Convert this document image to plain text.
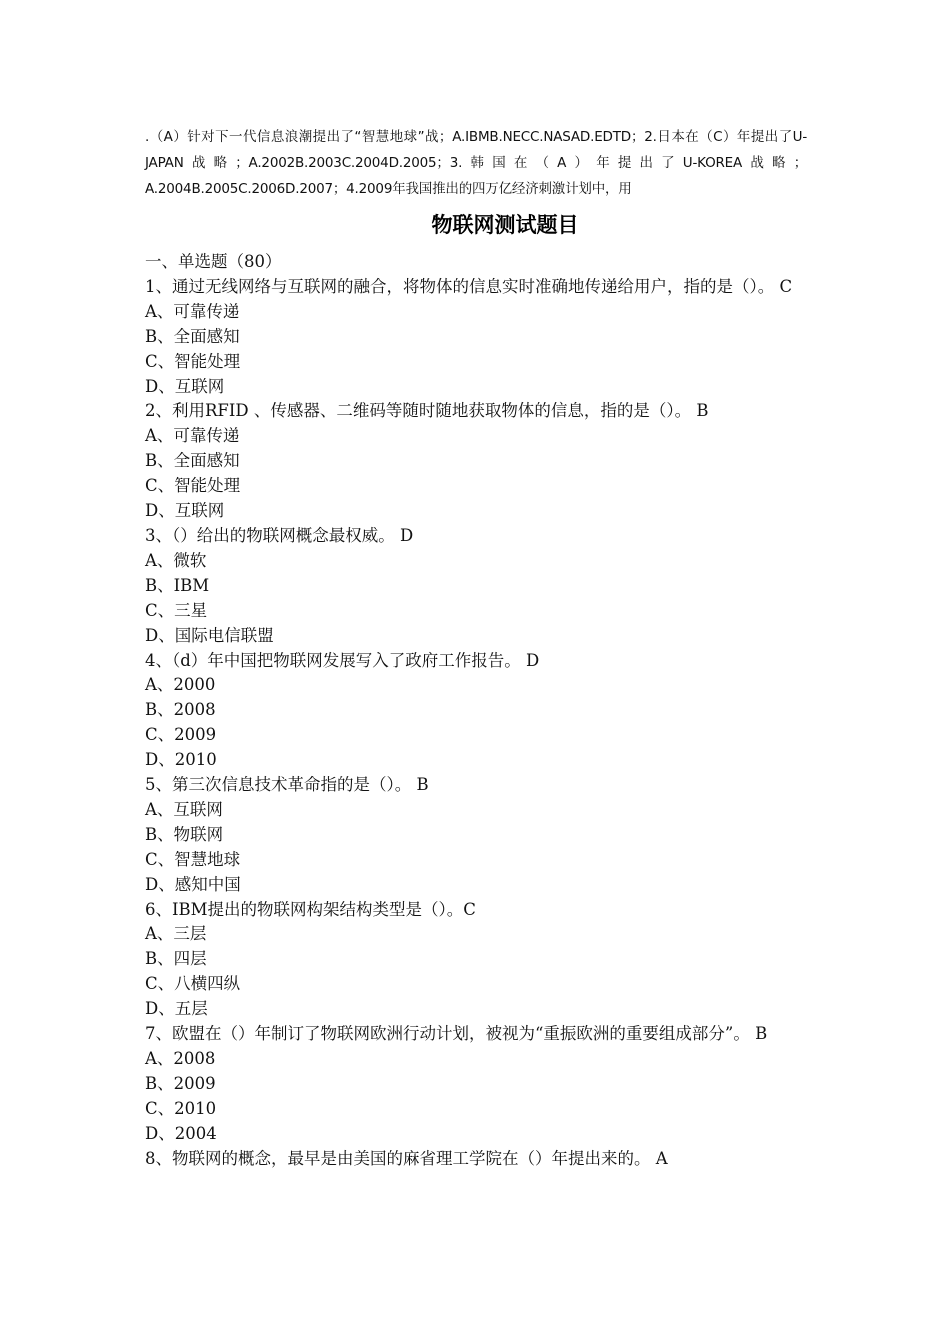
.（A）针对下一代信息浪潮提出了“智慧地球”战；A.IBMB.NECC.NASAD.EDTD；2.日本在（C）年提出了U-JAPAN战略；A.2002B.2003C.2004D.2005；3.韩国在（A）年提出了U-KOREA战略；A.2004B.2005C.2006D.2007；4.2009年我国推出的四万亿经济刺激计划中，用
物联网测试题目
一、单选题（80）
1、通过无线网络与互联网的融合，将物体的信息实时准确地传递给用户，指的是（）。 C
A、可靠传递
B、全面感知
C、智能处理
D、互联网
2、利用RFID 、传感器、二维码等随时随地获取物体的信息，指的是（）。 B
A、可靠传递
B、全面感知
C、智能处理
D、互联网
3、（）给出的物联网概念最权威。 D
A、微软
B、IBM
C、三星
D、国际电信联盟
4、（d）年中国把物联网发展写入了政府工作报告。 D
A、2000
B、2008
C、2009
D、2010
5、第三次信息技术革命指的是（）。 B
A、互联网
B、物联网
C、智慧地球
D、感知中国
6、IBM提出的物联网构架结构类型是（）。C
A、三层
B、四层
C、八横四纵
D、五层
7、欧盟在（）年制订了物联网欧洲行动计划，被视为“重振欧洲的重要组成部分”。 B
A、2008
B、2009
C、2010
D、2004
8、物联网的概念，最早是由美国的麻省理工学院在（）年提出来的。 A
